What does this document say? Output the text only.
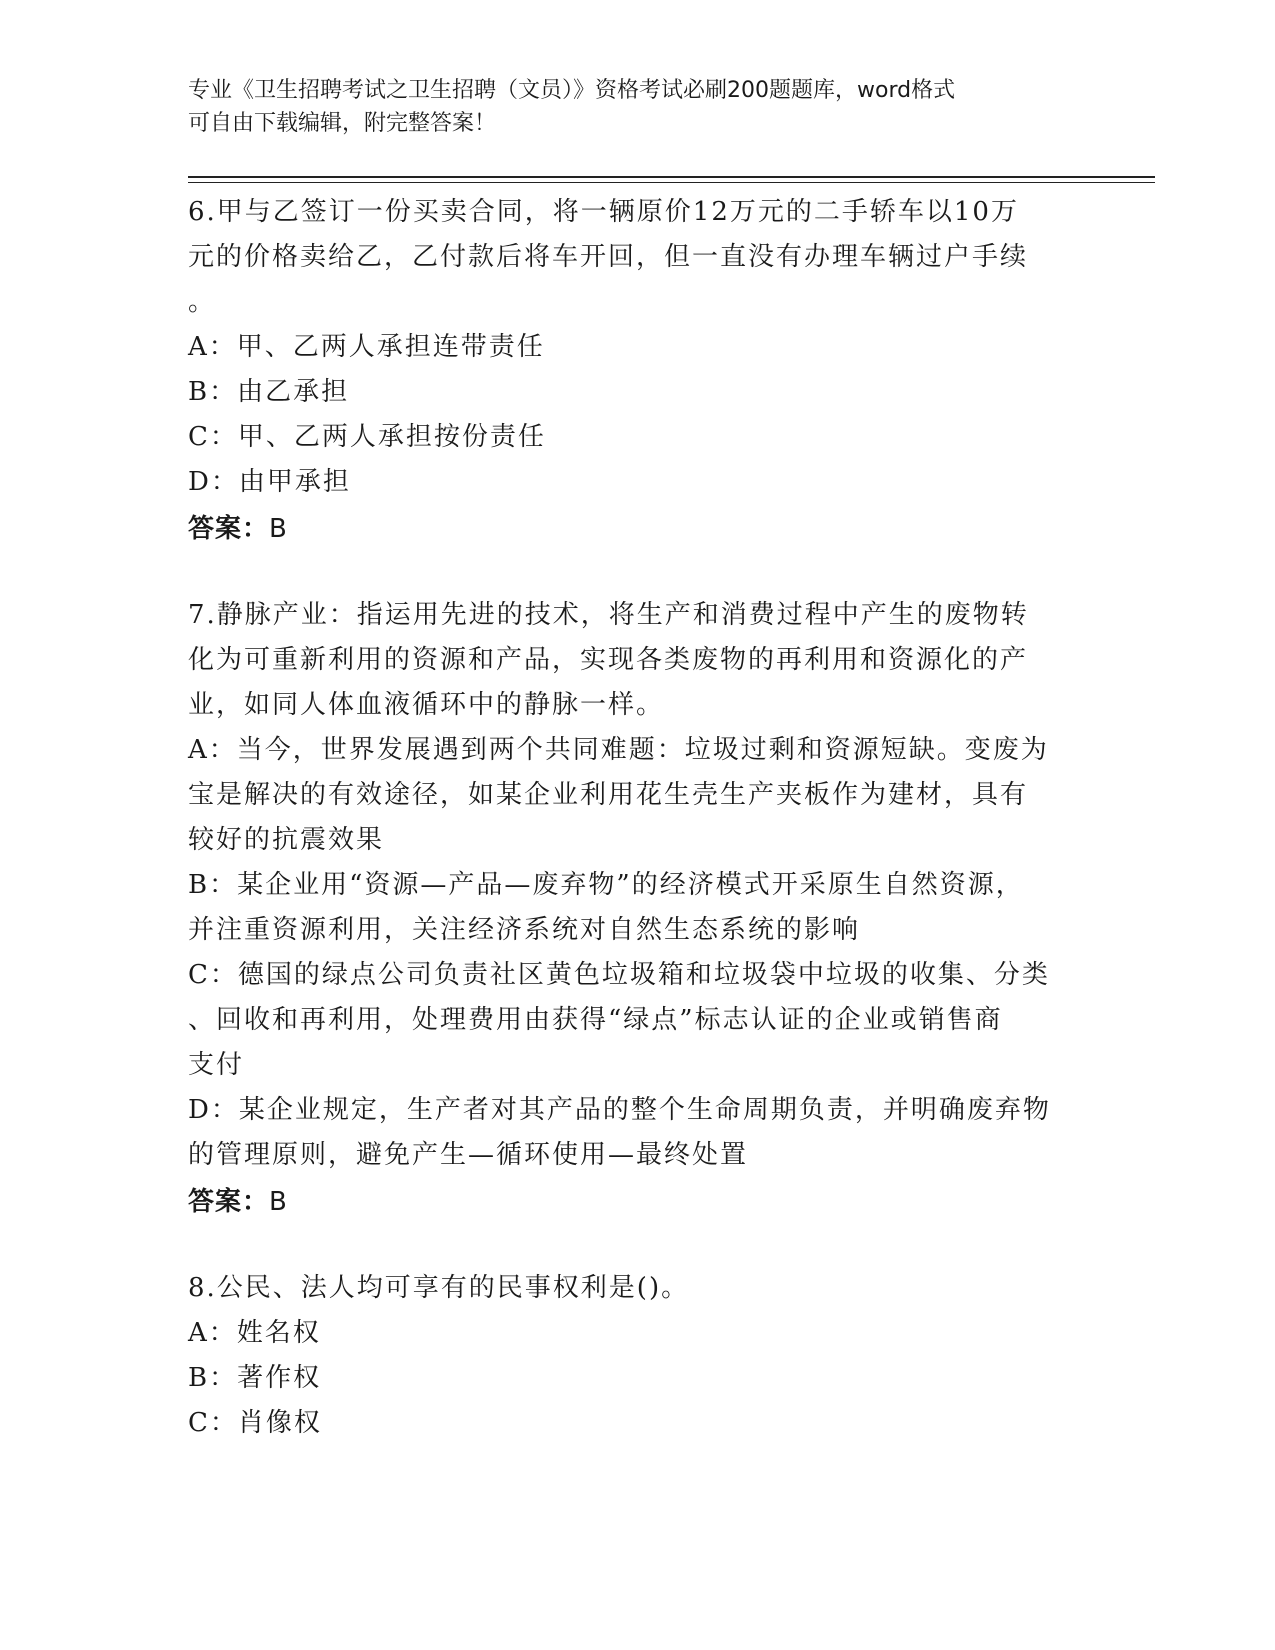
专业《卫生招聘考试之卫生招聘（文员）》资格考试必刷200题题库，word格式
可自由下载编辑，附完整答案！
6.甲与乙签订一份买卖合同，将一辆原价12万元的二手轿车以10万
元的价格卖给乙，乙付款后将车开回，但一直没有办理车辆过户手续
。
A：甲、乙两人承担连带责任
B：由乙承担
C：甲、乙两人承担按份责任
D：由甲承担
答案：B
7.静脉产业：指运用先进的技术，将生产和消费过程中产生的废物转
化为可重新利用的资源和产品，实现各类废物的再利用和资源化的产
业，如同人体血液循环中的静脉一样。
A：当今，世界发展遇到两个共同难题：垃圾过剩和资源短缺。变废为
宝是解决的有效途径，如某企业利用花生壳生产夹板作为建材，具有
较好的抗震效果
B：某企业用“资源—产品—废弃物”的经济模式开采原生自然资源，
并注重资源利用，关注经济系统对自然生态系统的影响
C：德国的绿点公司负责社区黄色垃圾箱和垃圾袋中垃圾的收集、分类
、回收和再利用，处理费用由获得“绿点”标志认证的企业或销售商
支付
D：某企业规定，生产者对其产品的整个生命周期负责，并明确废弃物
的管理原则，避免产生—循环使用—最终处置
答案：B
8.公民、法人均可享有的民事权利是()。
A：姓名权
B：著作权
C：肖像权
